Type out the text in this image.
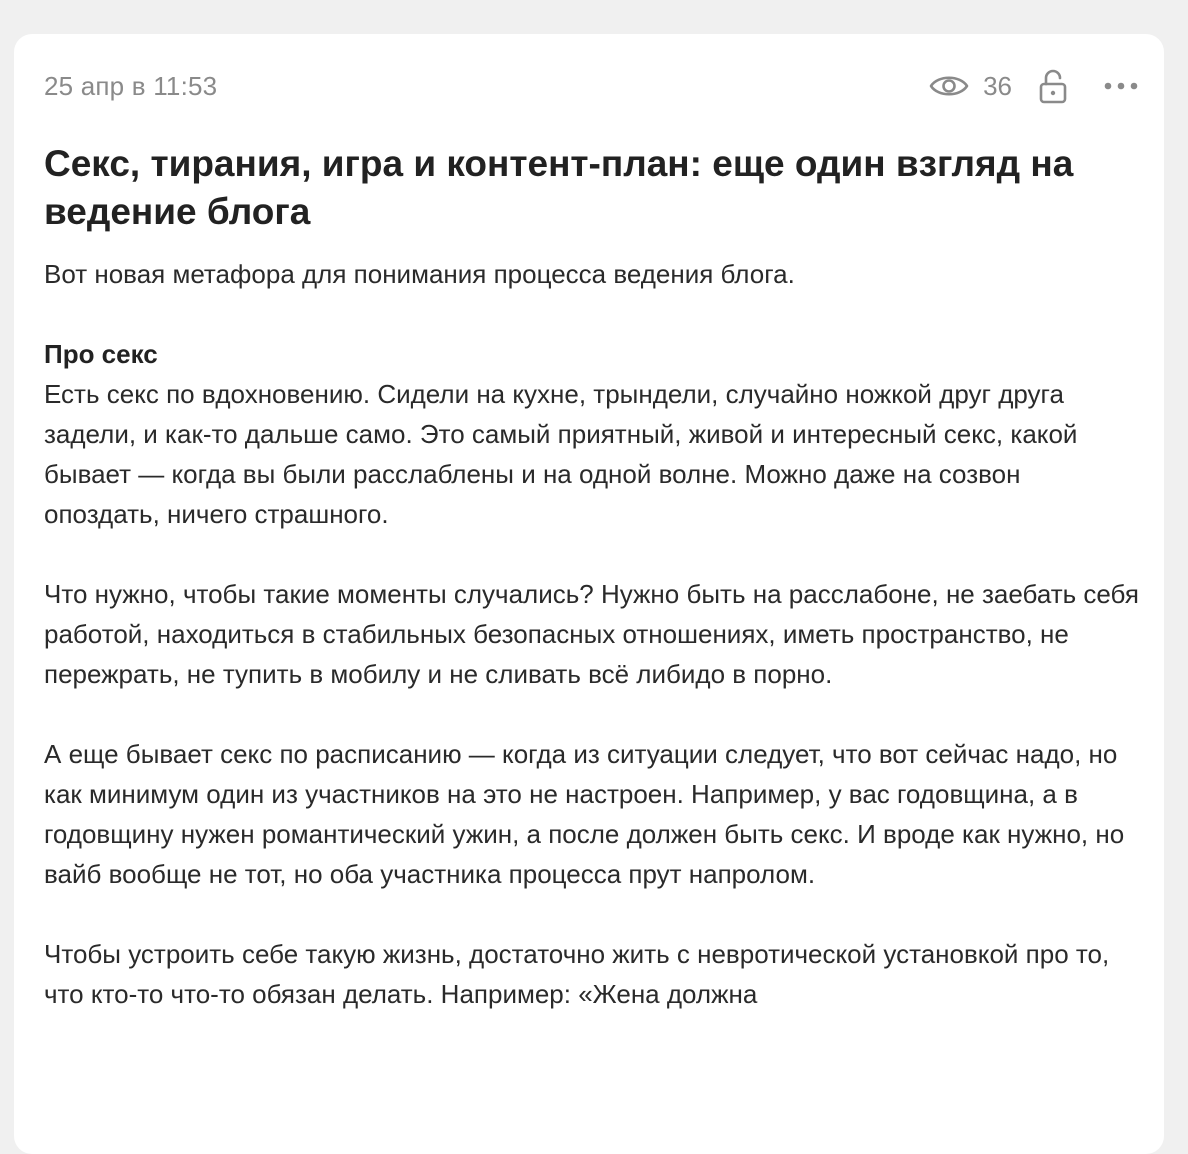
25 апр в 11:53	36
Секс, тирания, игра и контент-план: еще один взгляд на ведение блога

Вот новая метафора для понимания процесса ведения блога.

Про секс

Есть секс по вдохновению. Сидели на кухне, трындели, случайно ножкой друг друга задели, и как-то дальше само. Это самый приятный, живой и интересный секс, какой бывает — когда вы были расслаблены и на одной волне. Можно даже на созвон опоздать, ничего страшного.

Что нужно, чтобы такие моменты случались? Нужно быть на расслабоне, не заебать себя работой, находиться в стабильных безопасных отношениях, иметь пространство, не пережрать, не тупить в мобилу и не сливать всё либидо в порно.

А еще бывает секс по расписанию — когда из ситуации следует, что вот сейчас надо, но как минимум один из участников на это не настроен. Например, у вас годовщина, а в годовщину нужен романтический ужин, а после должен быть секс. И вроде как нужно, но вайб вообще не тот, но оба участника процесса прут напролом.

Чтобы устроить себе такую жизнь, достаточно жить с невротической установкой про то, что кто-то что-то обязан делать. Например: «Жена должна
